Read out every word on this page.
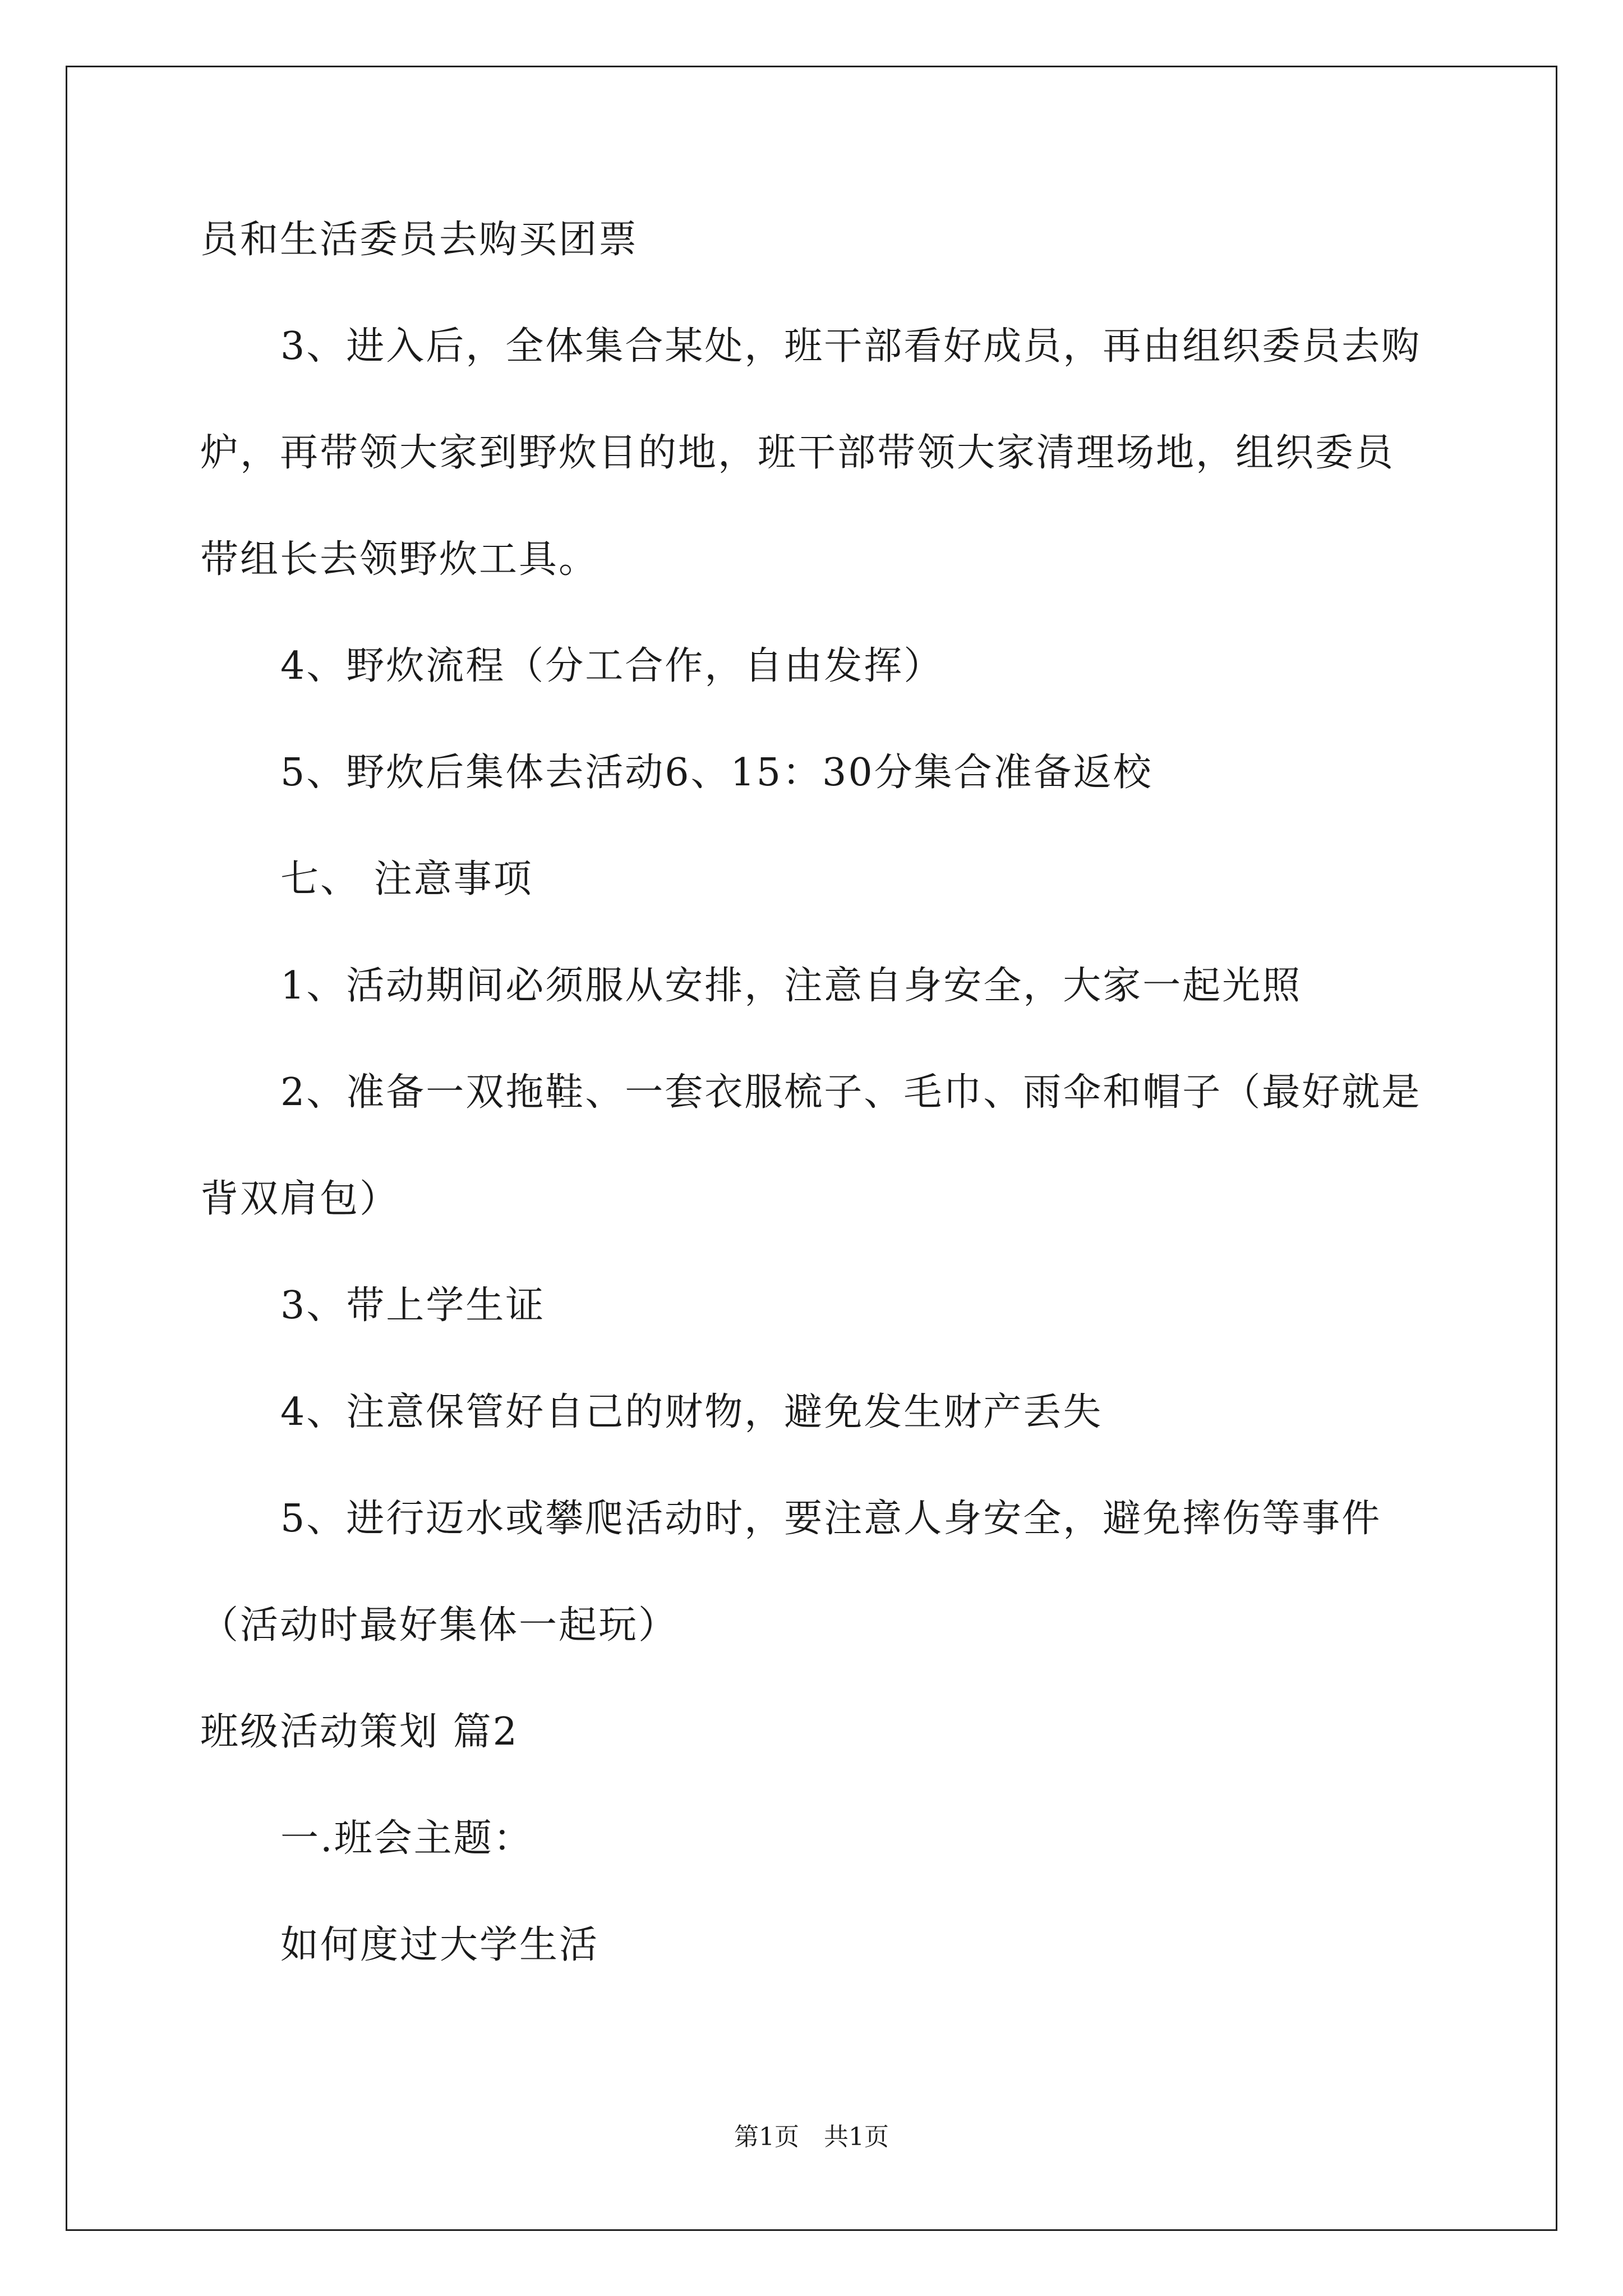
员和生活委员去购买团票
3、进入后，全体集合某处，班干部看好成员，再由组织委员去购
炉，再带领大家到野炊目的地，班干部带领大家清理场地，组织委员
带组长去领野炊工具。
4、野炊流程（分工合作，自由发挥）
5、野炊后集体去活动6、15：30分集合准备返校
七、 注意事项
1、活动期间必须服从安排，注意自身安全，大家一起光照
2、准备一双拖鞋、一套衣服梳子、毛巾、雨伞和帽子（最好就是
背双肩包）
3、带上学生证
4、注意保管好自己的财物，避免发生财产丢失
5、进行迈水或攀爬活动时，要注意人身安全，避免摔伤等事件
（活动时最好集体一起玩）
班级活动策划 篇2
一.班会主题：
如何度过大学生活
第1页　共1页
